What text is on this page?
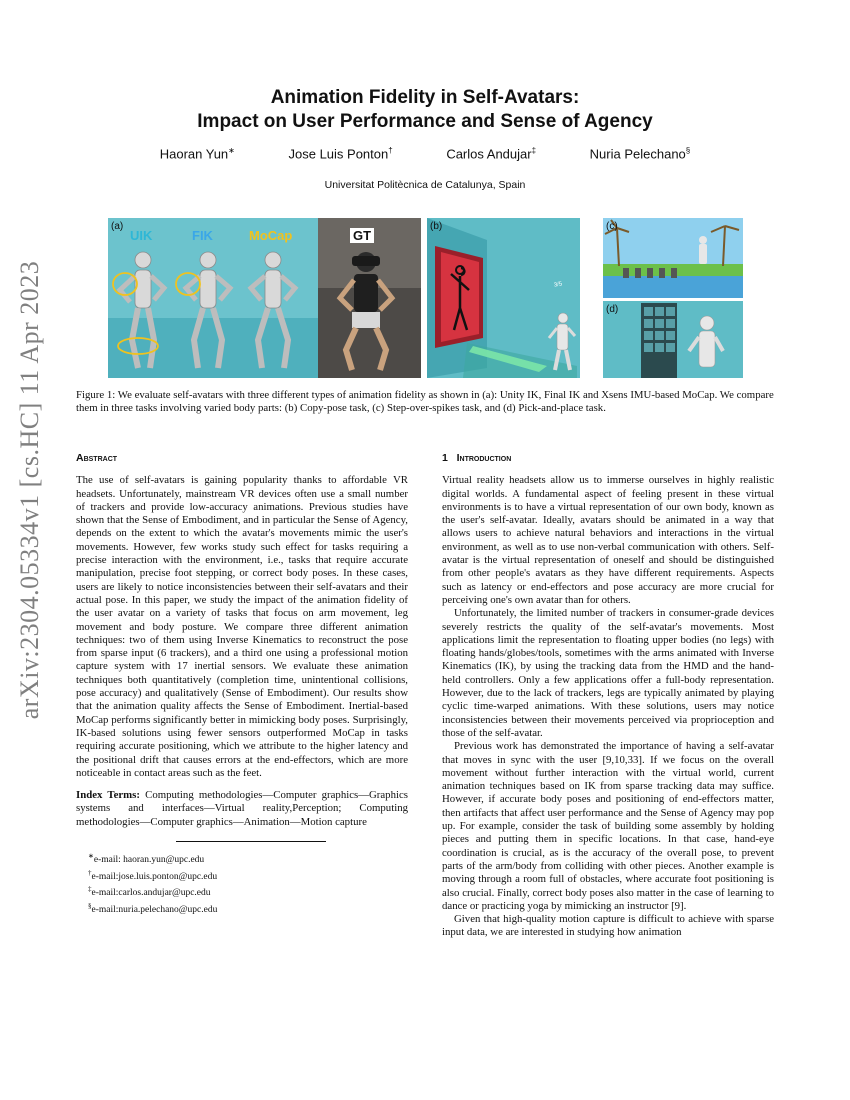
arXiv:2304.05334v1 [cs.HC] 11 Apr 2023
Animation Fidelity in Self-Avatars:
Impact on User Performance and Sense of Agency
Haoran Yun∗	Jose Luis Ponton†	Carlos Andujar‡	Nuria Pelechano§
Universitat Politècnica de Catalunya, Spain
(a)
UIK	FIK	MoCap	GT
(b)
3/5
(c)
(d)
Figure 1: We evaluate self-avatars with three different types of animation fidelity as shown in (a): Unity IK, Final IK and Xsens IMU-based MoCap. We compare them in three tasks involving varied body parts: (b) Copy-pose task, (c) Step-over-spikes task, and (d) Pick-and-place task.
Abstract

The use of self-avatars is gaining popularity thanks to affordable VR headsets. Unfortunately, mainstream VR devices often use a small number of trackers and provide low-accuracy animations. Previous studies have shown that the Sense of Embodiment, and in particular the Sense of Agency, depends on the extent to which the avatar's movements mimic the user's movements. However, few works study such effect for tasks requiring a precise interaction with the environment, i.e., tasks that require accurate manipulation, precise foot stepping, or correct body poses. In these cases, users are likely to notice inconsistencies between their self-avatars and their actual pose. In this paper, we study the impact of the animation fidelity of the user avatar on a variety of tasks that focus on arm movement, leg movement and body posture. We compare three different animation techniques: two of them using Inverse Kinematics to reconstruct the pose from sparse input (6 trackers), and a third one using a professional motion capture system with 17 inertial sensors. We evaluate these animation techniques both quantitatively (completion time, unintentional collisions, pose accuracy) and qualitatively (Sense of Embodiment). Our results show that the animation quality affects the Sense of Embodiment. Inertial-based MoCap performs significantly better in mimicking body poses. Surprisingly, IK-based solutions using fewer sensors outperformed MoCap in tasks requiring accurate positioning, which we attribute to the higher latency and the positional drift that causes errors at the end-effectors, which are more noticeable in contact areas such as the feet.

Index Terms: Computing methodologies—Computer graphics—Graphics systems and interfaces—Virtual reality,Perception; Computing methodologies—Computer graphics—Animation—Motion capture

∗e-mail: haoran.yun@upc.edu
†e-mail:jose.luis.ponton@upc.edu
‡e-mail:carlos.andujar@upc.edu
§e-mail:nuria.pelechano@upc.edu
1 Introduction

Virtual reality headsets allow us to immerse ourselves in highly realistic digital worlds. A fundamental aspect of feeling present in these virtual environments is to have a virtual representation of our own body, known as the user's self-avatar. Ideally, avatars should be animated in a way that allows users to achieve natural behaviors and interactions in the virtual environment, as well as to use non-verbal communication with others. Self-avatar is the virtual representation of oneself and should be distinguished from other people's avatars as they have different requirements. Aspects such as latency or end-effectors and pose accuracy are more crucial for perceiving one's own avatar than for others.

Unfortunately, the limited number of trackers in consumer-grade devices severely restricts the quality of the self-avatar's movements. Most applications limit the representation to floating upper bodies (no legs) with floating hands/globes/tools, sometimes with the arms animated with Inverse Kinematics (IK), by using the tracking data from the HMD and the hand-held controllers. Only a few applications offer a full-body representation. However, due to the lack of trackers, legs are typically animated by playing cyclic time-warped animations. With these solutions, users may notice inconsistencies between their movements perceived via proprioception and those of the self-avatar.

Previous work has demonstrated the importance of having a self-avatar that moves in sync with the user [9,10,33]. If we focus on the overall movement without further interaction with the virtual world, current animation techniques based on IK from sparse tracking data may suffice. However, if accurate body poses and positioning of end-effectors matter, then artifacts that affect user performance and the Sense of Agency may pop up. For example, consider the task of building some assembly by holding pieces and putting them in specific locations. In that case, hand-eye coordination is crucial, as is the accuracy of the overall pose, to prevent parts of the arm/body from colliding with other pieces. Another example is moving through a room full of obstacles, where accurate foot positioning is also crucial. Finally, correct body poses also matter in the case of learning to dance or practicing yoga by mimicking an instructor [9].

Given that high-quality motion capture is difficult to achieve with sparse input data, we are interested in studying how animation
